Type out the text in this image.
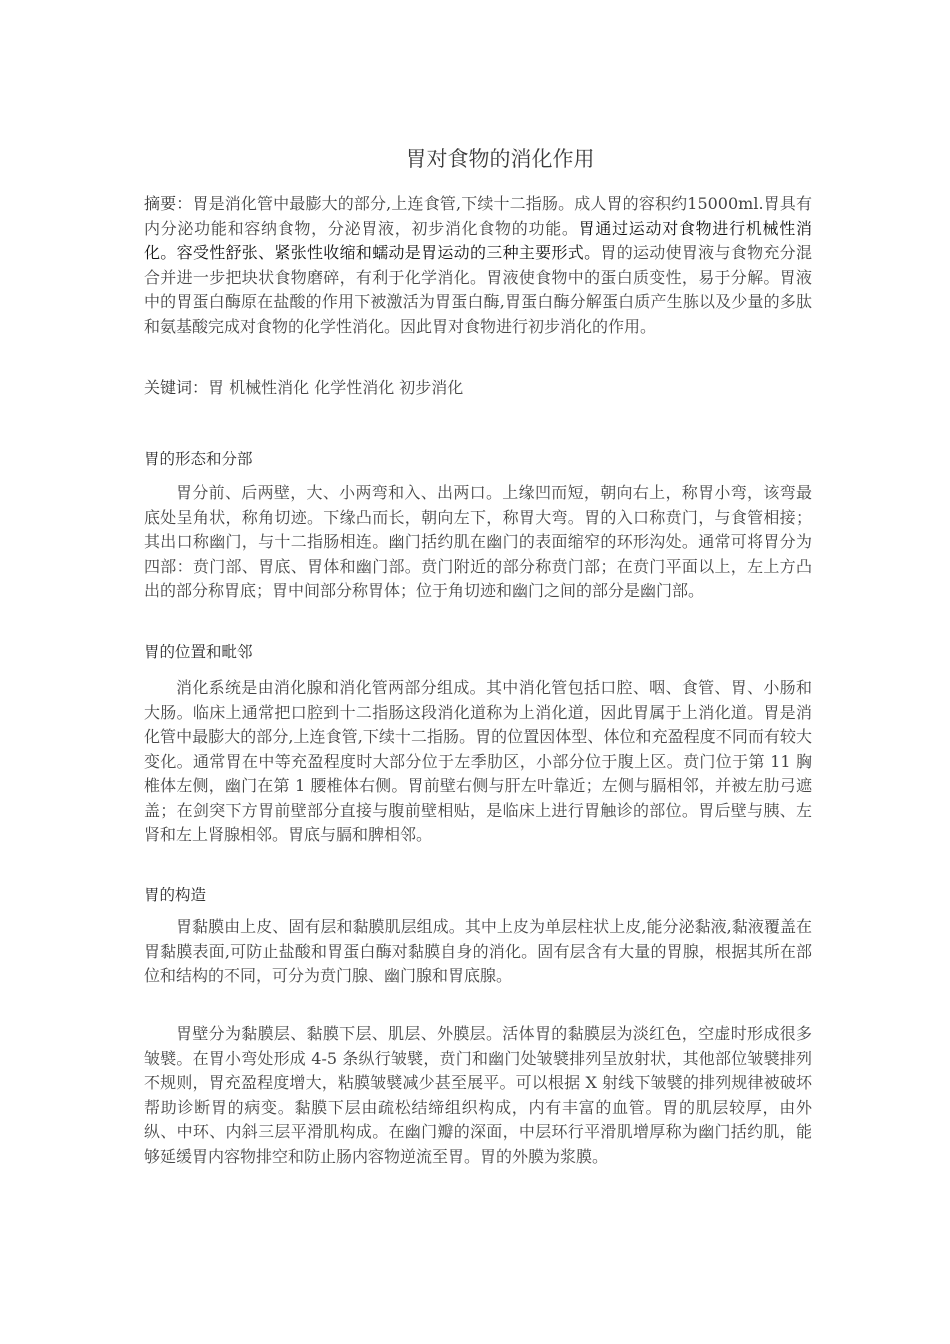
胃对食物的消化作用
摘要：胃是消化管中最膨大的部分,上连食管,下续十二指肠。成人胃的容积约15000ml.胃具有内分泌功能和容纳食物，分泌胃液，初步消化食物的功能。胃通过运动对食物进行机械性消化。容受性舒张、紧张性收缩和蠕动是胃运动的三种主要形式。胃的运动使胃液与食物充分混合并进一步把块状食物磨碎，有利于化学消化。胃液使食物中的蛋白质变性，易于分解。胃液中的胃蛋白酶原在盐酸的作用下被激活为胃蛋白酶,胃蛋白酶分解蛋白质产生胨以及少量的多肽和氨基酸完成对食物的化学性消化。因此胃对食物进行初步消化的作用。
关键词：胃 机械性消化 化学性消化 初步消化
胃的形态和分部

胃分前、后两壁，大、小两弯和入、出两口。上缘凹而短，朝向右上，称胃小弯，该弯最底处呈角状，称角切迹。下缘凸而长，朝向左下，称胃大弯。胃的入口称贲门，与食管相接；其出口称幽门，与十二指肠相连。幽门括约肌在幽门的表面缩窄的环形沟处。通常可将胃分为四部：贲门部、胃底、胃体和幽门部。贲门附近的部分称贲门部；在贲门平面以上，左上方凸出的部分称胃底；胃中间部分称胃体；位于角切迹和幽门之间的部分是幽门部。

胃的位置和毗邻

消化系统是由消化腺和消化管两部分组成。其中消化管包括口腔、咽、食管、胃、小肠和大肠。临床上通常把口腔到十二指肠这段消化道称为上消化道，因此胃属于上消化道。胃是消化管中最膨大的部分,上连食管,下续十二指肠。胃的位置因体型、体位和充盈程度不同而有较大变化。通常胃在中等充盈程度时大部分位于左季肋区，小部分位于腹上区。贲门位于第 11 胸椎体左侧，幽门在第 1 腰椎体右侧。胃前壁右侧与肝左叶靠近；左侧与膈相邻，并被左肋弓遮盖；在剑突下方胃前壁部分直接与腹前壁相贴，是临床上进行胃触诊的部位。胃后壁与胰、左肾和左上肾腺相邻。胃底与膈和脾相邻。

胃的构造

胃黏膜由上皮、固有层和黏膜肌层组成。其中上皮为单层柱状上皮,能分泌黏液,黏液覆盖在胃黏膜表面,可防止盐酸和胃蛋白酶对黏膜自身的消化。固有层含有大量的胃腺，根据其所在部位和结构的不同，可分为贲门腺、幽门腺和胃底腺。

胃壁分为黏膜层、黏膜下层、肌层、外膜层。活体胃的黏膜层为淡红色，空虚时形成很多皱襞。在胃小弯处形成 4-5 条纵行皱襞，贲门和幽门处皱襞排列呈放射状，其他部位皱襞排列不规则，胃充盈程度增大，粘膜皱襞减少甚至展平。可以根据 X 射线下皱襞的排列规律被破坏帮助诊断胃的病变。黏膜下层由疏松结缔组织构成，内有丰富的血管。胃的肌层较厚，由外纵、中环、内斜三层平滑肌构成。在幽门瓣的深面，中层环行平滑肌增厚称为幽门括约肌，能够延缓胃内容物排空和防止肠内容物逆流至胃。胃的外膜为浆膜。
